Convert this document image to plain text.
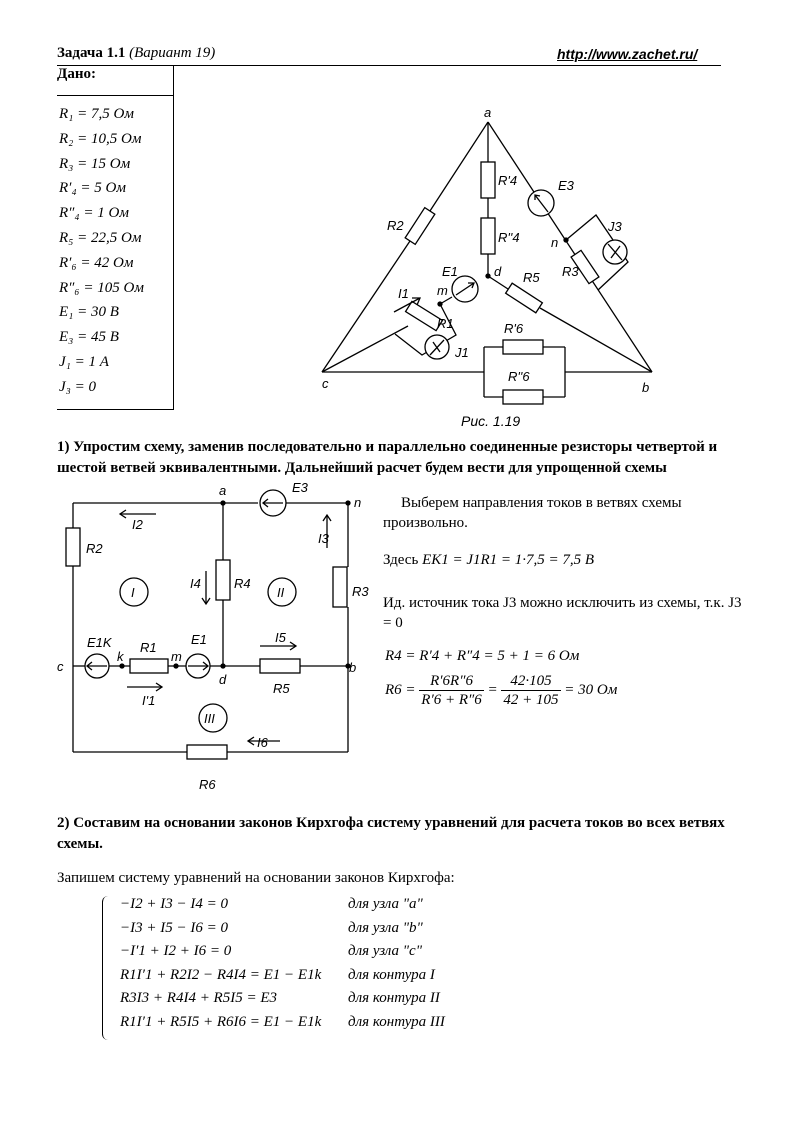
Задача 1.1 (Вариант 19)	http://www.zachet.ru/
Дано:
R₁ = 7,5 Ом
R₂ = 10,5 Ом
R₃ = 15 Ом
R′₄ = 5 Ом
R″₄ = 1 Ом
R₅ = 22,5 Ом
R′₆ = 42 Ом
R″₆ = 105 Ом
E₁ = 30 В
E₃ = 45 В
J₁ = 1 А
J₃ = 0
a
b
c
d
n
m
R2
R'4
R''4
E3
J3
R3
E1	R5
I1
R1
J1
R'6
R''6
Рис. 1.19
1) Упростим схему, заменив последовательно и параллельно соединенные резисторы четвертой и шестой ветвей эквивалентными. Дальнейший расчет будем вести для упрощенной схемы
a
n
E3
I2
I3
R2
I4	R4
II
I	R3
E1K R1
E1	I5
c
k	m
d
b
R5
I'1
III
I6
R6
Выберем направления токов в ветвях схемы произвольно.
Здесь EK1 = J1R1 = 1·7,5 = 7,5 В
Ид. источник тока J3 можно исключить из схемы, т.к. J3 = 0
R4 = R′4 + R″4 = 5 + 1 = 6 Ом
$R6 = \frac{R'6R''6}{R'6 + R''6} = \frac{42\cdot 105}{42 + 105} = 30$ Ом
2) Составим на основании законов Кирхгофа систему уравнений для расчета токов во всех ветвях схемы.
Запишем систему уравнений на основании законов Кирхгофа:
−I2 + I3 − I4 = 0	для узла "a"
−I3 + I5 − I6 = 0	для узла "b"
−I′1 + I2 + I6 = 0	для узла "c"
R1I′1 + R2I2 − R4I4 = E1 − E1k для контура I
R3I3 + R4I4 + R5I5 = E3	для контура II
R1I′1 + R5I5 + R6I6 = E1 − E1k для контура III
